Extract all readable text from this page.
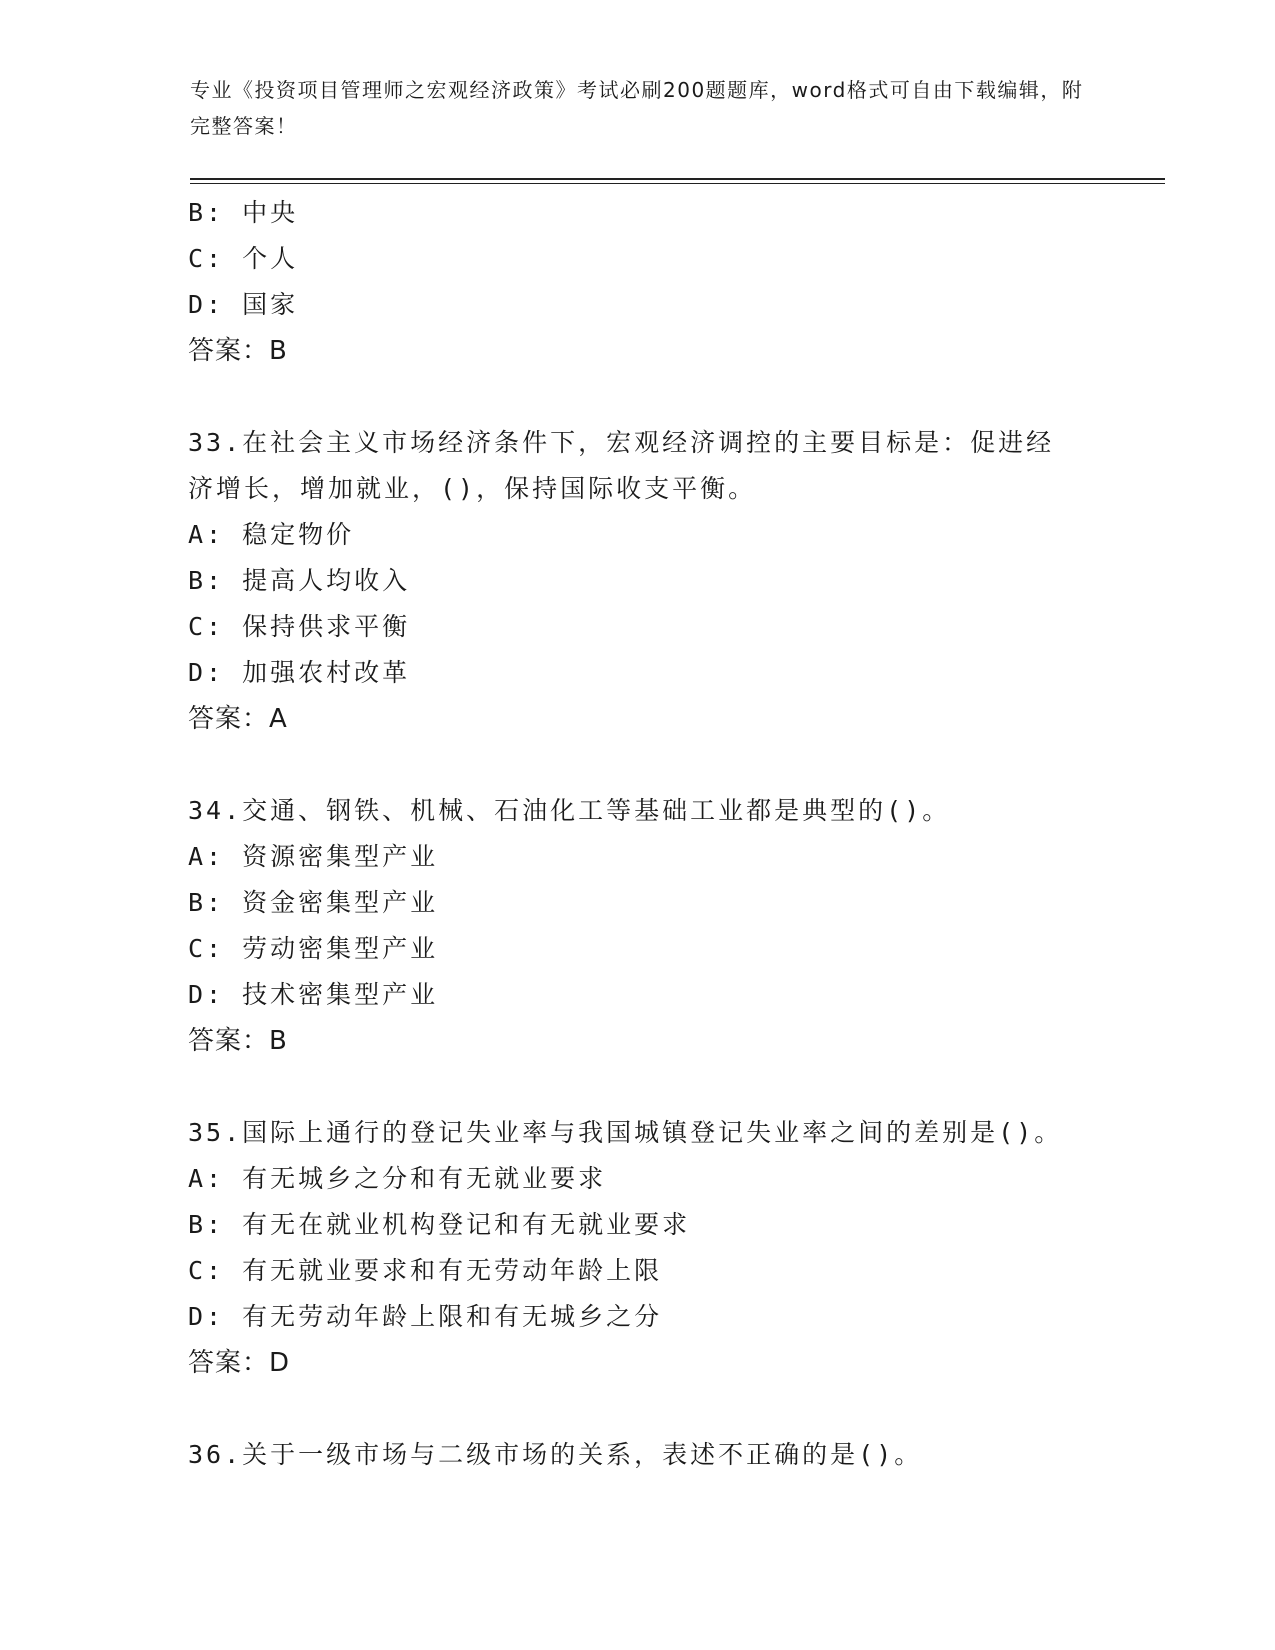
专业《投资项目管理师之宏观经济政策》考试必刷200题题库，word格式可自由下载编辑，附完整答案！
B: 中央
C: 个人
D: 国家
答案：B
33.在社会主义市场经济条件下，宏观经济调控的主要目标是：促进经
济增长，增加就业，()，保持国际收支平衡。
A: 稳定物价
B: 提高人均收入
C: 保持供求平衡
D: 加强农村改革
答案：A
34.交通、钢铁、机械、石油化工等基础工业都是典型的()。
A: 资源密集型产业
B: 资金密集型产业
C: 劳动密集型产业
D: 技术密集型产业
答案：B
35.国际上通行的登记失业率与我国城镇登记失业率之间的差别是()。
A: 有无城乡之分和有无就业要求
B: 有无在就业机构登记和有无就业要求
C: 有无就业要求和有无劳动年龄上限
D: 有无劳动年龄上限和有无城乡之分
答案：D
36.关于一级市场与二级市场的关系，表述不正确的是()。
